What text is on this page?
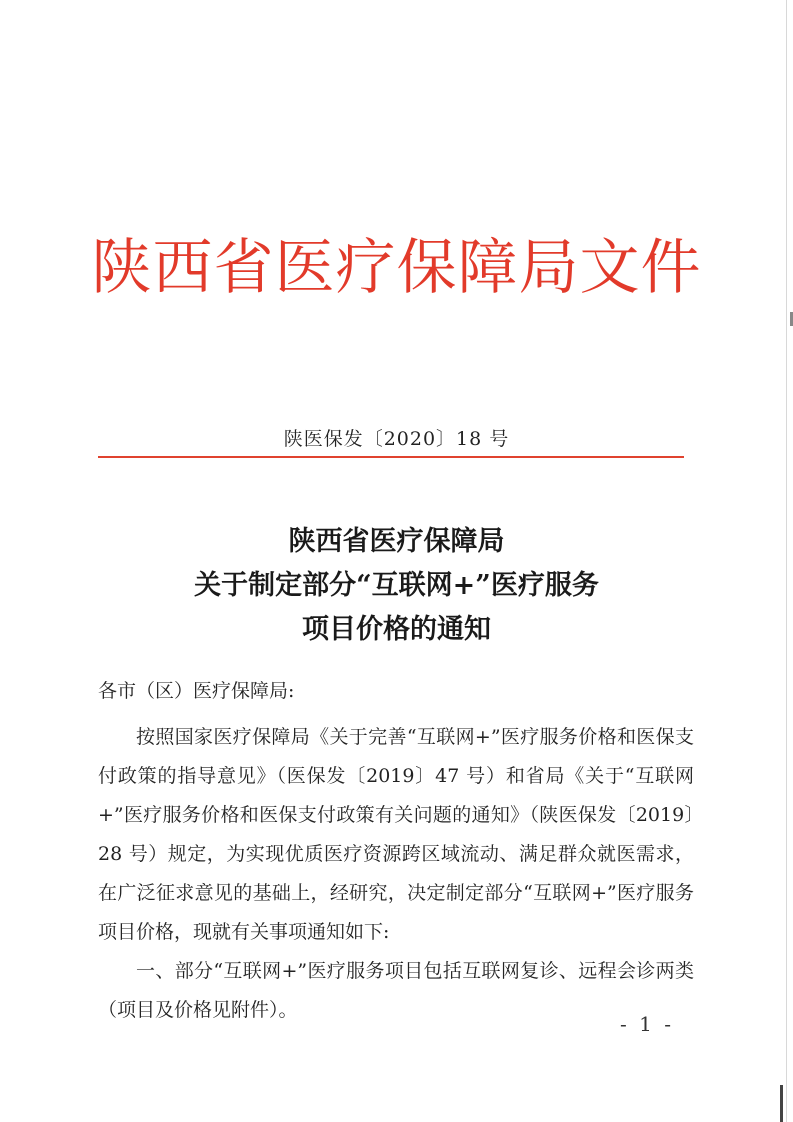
陕西省医疗保障局文件
陕医保发〔2020〕18 号
陕西省医疗保障局
关于制定部分“互联网+”医疗服务
项目价格的通知
各市（区）医疗保障局:

按照国家医疗保障局《关于完善“互联网+”医疗服务价格和医保支付政策的指导意见》（医保发〔2019〕47 号）和省局《关于“互联网+”医疗服务价格和医保支付政策有关问题的通知》（陕医保发〔2019〕28 号）规定，为实现优质医疗资源跨区域流动、满足群众就医需求，在广泛征求意见的基础上，经研究，决定制定部分“互联网+”医疗服务项目价格，现就有关事项通知如下:

一、部分“互联网+”医疗服务项目包括互联网复诊、远程会诊两类（项目及价格见附件）。

- 1 -
